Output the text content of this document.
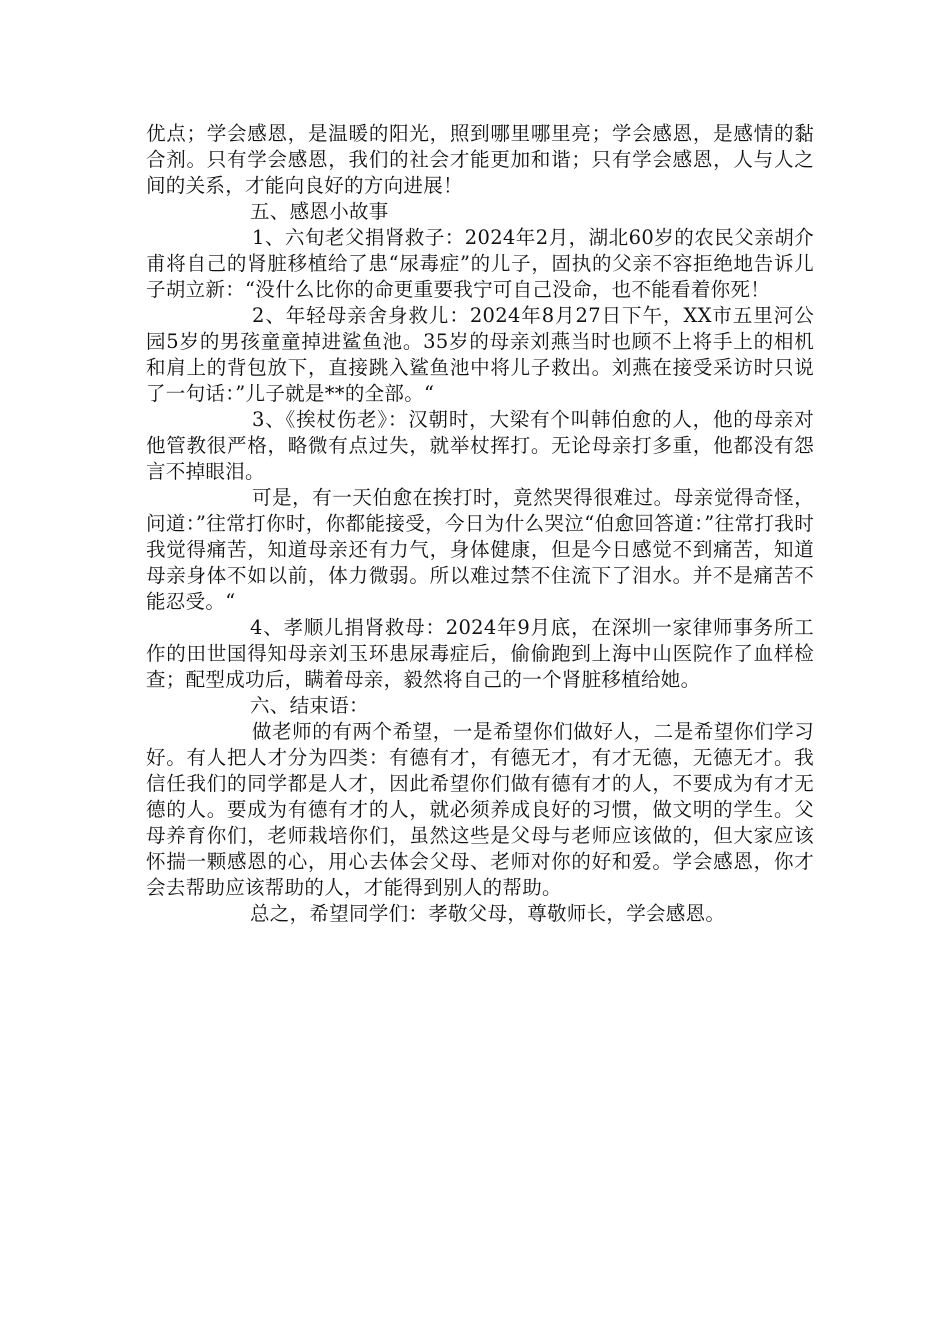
优点；学会感恩，是温暖的阳光，照到哪里哪里亮；学会感恩，是感情的黏合剂。只有学会感恩，我们的社会才能更加和谐；只有学会感恩，人与人之间的关系，才能向良好的方向进展！

五、感恩小故事

1、六旬老父捐肾救子：2024年2月，湖北60岁的农民父亲胡介甫将自己的肾脏移植给了患“尿毒症”的儿子，固执的父亲不容拒绝地告诉儿子胡立新：“没什么比你的命更重要我宁可自己没命，也不能看着你死！

2、年轻母亲舍身救儿：2024年8月27日下午，XX市五里河公园5岁的男孩童童掉进鲨鱼池。35岁的母亲刘燕当时也顾不上将手上的相机和肩上的背包放下，直接跳入鲨鱼池中将儿子救出。刘燕在接受采访时只说了一句话：”儿子就是**的全部。“

3、《挨杖伤老》：汉朝时，大梁有个叫韩伯愈的人，他的母亲对他管教很严格，略微有点过失，就举杖挥打。无论母亲打多重，他都没有怨言不掉眼泪。

可是，有一天伯愈在挨打时，竟然哭得很难过。母亲觉得奇怪，问道：”往常打你时，你都能接受，今日为什么哭泣“伯愈回答道：”往常打我时我觉得痛苦，知道母亲还有力气，身体健康，但是今日感觉不到痛苦，知道母亲身体不如以前，体力微弱。所以难过禁不住流下了泪水。并不是痛苦不能忍受。“

4、孝顺儿捐肾救母：2024年9月底，在深圳一家律师事务所工作的田世国得知母亲刘玉环患尿毒症后，偷偷跑到上海中山医院作了血样检查；配型成功后，瞒着母亲，毅然将自己的一个肾脏移植给她。

六、结束语：

做老师的有两个希望，一是希望你们做好人，二是希望你们学习好。有人把人才分为四类：有德有才，有德无才，有才无德，无德无才。我信任我们的同学都是人才，因此希望你们做有德有才的人，不要成为有才无德的人。要成为有德有才的人，就必须养成良好的习惯，做文明的学生。父母养育你们，老师栽培你们，虽然这些是父母与老师应该做的，但大家应该怀揣一颗感恩的心，用心去体会父母、老师对你的好和爱。学会感恩，你才会去帮助应该帮助的人，才能得到别人的帮助。

总之，希望同学们：孝敬父母，尊敬师长，学会感恩。
